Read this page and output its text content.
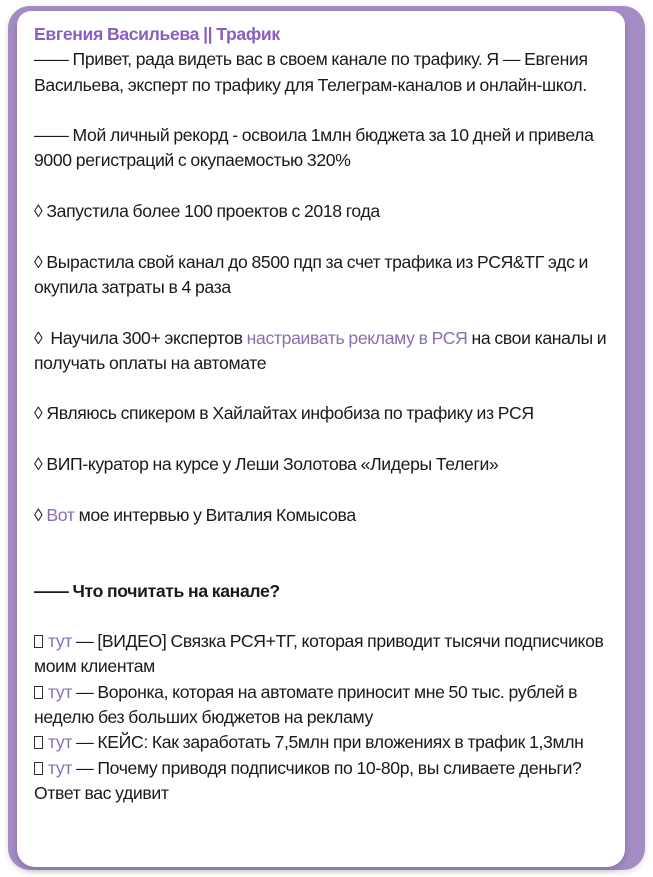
Евгения Васильева || Трафик

—— Привет, рада видеть вас в своем канале по трафику. Я — Евгения Васильева, эксперт по трафику для Телеграм-каналов и онлайн-школ.

—— Мой личный рекорд - освоила 1млн бюджета за 10 дней и привела 9000 регистраций с окупаемостью 320%

◊ Запустила более 100 проектов с 2018 года

◊ Вырастила свой канал до 8500 пдп за счет трафика из РСЯ&ТГ эдс и окупила затраты в 4 раза

◊  Научила 300+ экспертов настраивать рекламу в РСЯ на свои каналы и получать оплаты на автомате

◊ Являюсь спикером в Хайлайтах инфобиза по трафику из РСЯ

◊ ВИП-куратор на курсе у Леши Золотова «Лидеры Телеги»

◊ Вот мое интервью у Виталия Комысова

—— Что почитать на канале?

тут — [ВИДЕО] Связка РСЯ+ТГ, которая приводит тысячи подписчиков моим клиентам

тут — Воронка, которая на автомате приносит мне 50 тыс. рублей в неделю без больших бюджетов на рекламу

тут — КЕЙС: Как заработать 7,5млн при вложениях в трафик 1,3млн

тут — Почему приводя подписчиков по 10-80р, вы сливаете деньги? Ответ вас удивит
